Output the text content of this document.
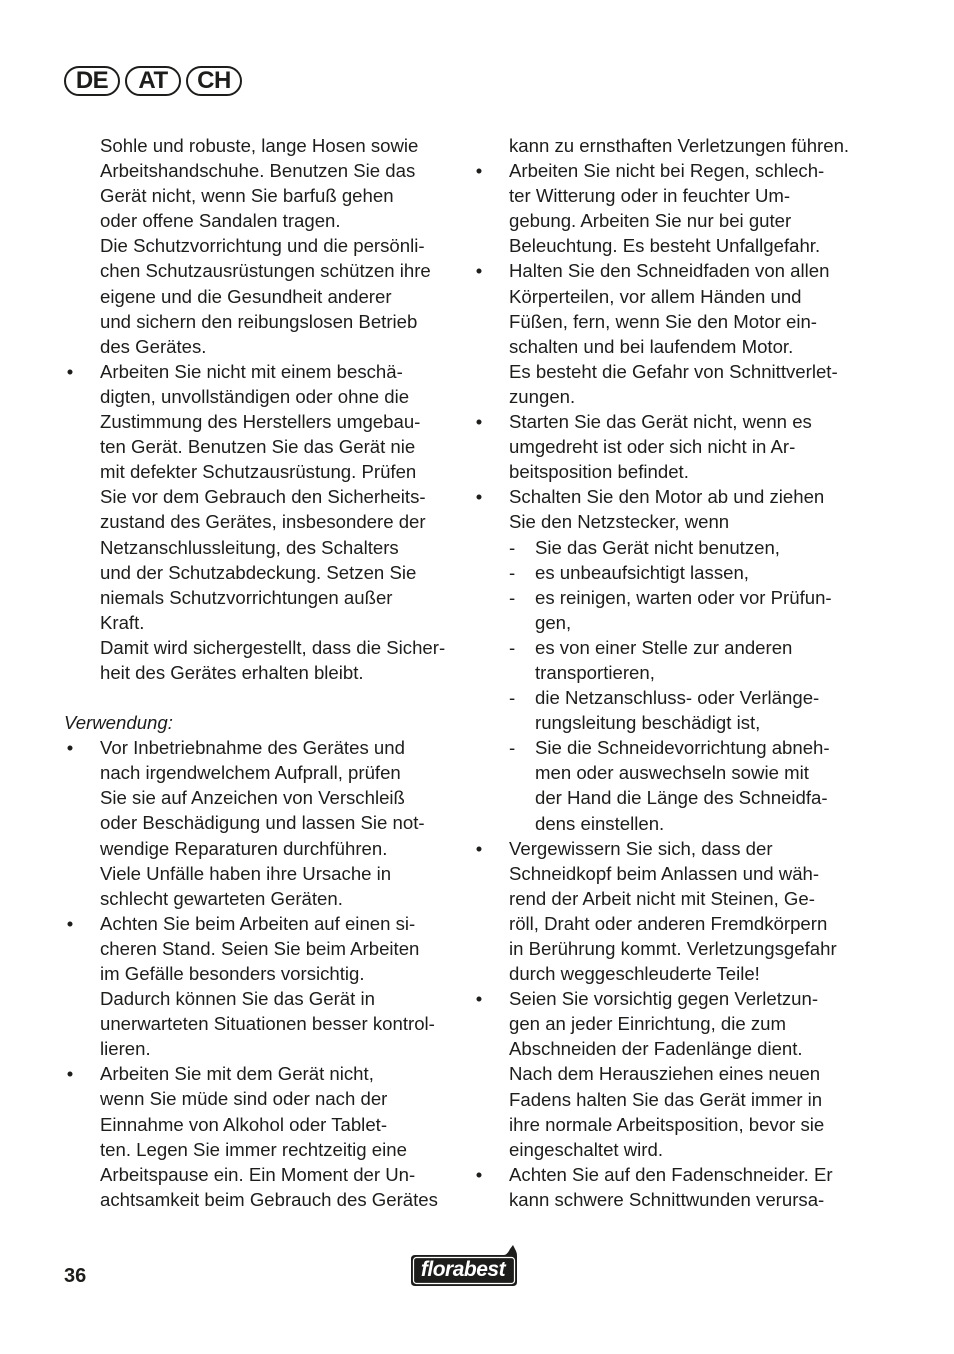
DE	AT	CH

Sohle und robuste, lange Hosen sowie

Arbeitshandschuhe. Benutzen Sie das

Gerät nicht, wenn Sie barfuß gehen

oder offene Sandalen tragen.

Die Schutzvorrichtung und die persönli-

chen Schutzausrüstungen schützen ihre

eigene und die Gesundheit anderer

und sichern den reibungslosen Betrieb

des Gerätes.

• Arbeiten Sie nicht mit einem beschä-

digten, unvollständigen oder ohne die

Zustimmung des Herstellers umgebau-

ten Gerät. Benutzen Sie das Gerät nie

mit defekter Schutzausrüstung. Prüfen

Sie vor dem Gebrauch den Sicherheits-

zustand des Gerätes, insbesondere der

Netzanschlussleitung, des Schalters

und der Schutzabdeckung. Setzen Sie

niemals Schutzvorrichtungen außer

Kraft.

Damit wird sichergestellt, dass die Sicher-

heit des Gerätes erhalten bleibt.

Verwendung:

• Vor Inbetriebnahme des Gerätes und

nach irgendwelchem Aufprall, prüfen

Sie sie auf Anzeichen von Verschleiß

oder Beschädigung und lassen Sie not-

wendige Reparaturen durchführen.

Viele Unfälle haben ihre Ursache in

schlecht gewarteten Geräten.

• Achten Sie beim Arbeiten auf einen si-

cheren Stand. Seien Sie beim Arbeiten

im Gefälle besonders vorsichtig.

Dadurch können Sie das Gerät in

unerwarteten Situationen besser kontrol-

lieren.

• Arbeiten Sie mit dem Gerät nicht,

wenn Sie müde sind oder nach der

Einnahme von Alkohol oder Tablet-

ten. Legen Sie immer rechtzeitig eine

Arbeitspause ein. Ein Moment der Un-

achtsamkeit beim Gebrauch des Gerätes

kann zu ernsthaften Verletzungen führen.

• Arbeiten Sie nicht bei Regen, schlech-

ter Witterung oder in feuchter Um-

gebung. Arbeiten Sie nur bei guter

Beleuchtung. Es besteht Unfallgefahr.

• Halten Sie den Schneidfaden von allen

Körperteilen, vor allem Händen und

Füßen, fern, wenn Sie den Motor ein-

schalten und bei laufendem Motor.

Es besteht die Gefahr von Schnittverlet-

zungen.

• Starten Sie das Gerät nicht, wenn es

umgedreht ist oder sich nicht in Ar-

beitsposition befindet.

• Schalten Sie den Motor ab und ziehen

Sie den Netzstecker, wenn

- Sie das Gerät nicht benutzen,

- es unbeaufsichtigt lassen,

- es reinigen, warten oder vor Prüfun-

gen,

- es von einer Stelle zur anderen

transportieren,

- die Netzanschluss- oder Verlänge-

rungsleitung beschädigt ist,

- Sie die Schneidevorrichtung abneh-

men oder auswechseln sowie mit

der Hand die Länge des Schneidfa-

dens einstellen.

• Vergewissern Sie sich, dass der

Schneidkopf beim Anlassen und wäh-

rend der Arbeit nicht mit Steinen, Ge-

röll, Draht oder anderen Fremdkörpern

in Berührung kommt. Verletzungsgefahr

durch weggeschleuderte Teile!

• Seien Sie vorsichtig gegen Verletzun-

gen an jeder Einrichtung, die zum

Abschneiden der Fadenlänge dient.

Nach dem Herausziehen eines neuen

Fadens halten Sie das Gerät immer in

ihre normale Arbeitsposition, bevor sie

eingeschaltet wird.

• Achten Sie auf den Fadenschneider. Er

kann schwere Schnittwunden verursa-

36	florabest
